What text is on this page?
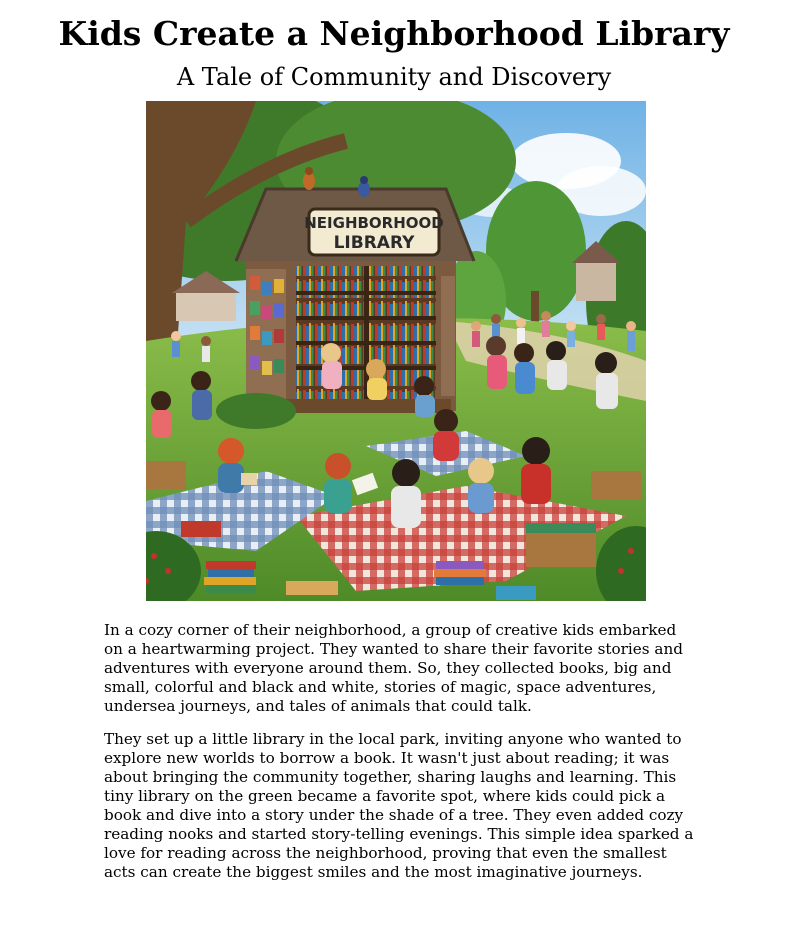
Kids Create a Neighborhood Library
A Tale of Community and Discovery
NEIGHBORHOOD
LIBRARY

In a cozy corner of their neighborhood, a group of creative kids embarked on a heartwarming project. They wanted to share their favorite stories and adventures with everyone around them. So, they collected books, big and small, colorful and black and white, stories of magic, space adventures, undersea journeys, and tales of animals that could talk.

They set up a little library in the local park, inviting anyone who wanted to explore new worlds to borrow a book. It wasn't just about reading; it was about bringing the community together, sharing laughs and learning. This tiny library on the green became a favorite spot, where kids could pick a book and dive into a story under the shade of a tree. They even added cozy reading nooks and started story-telling evenings. This simple idea sparked a love for reading across the neighborhood, proving that even the smallest acts can create the biggest smiles and the most imaginative journeys.
